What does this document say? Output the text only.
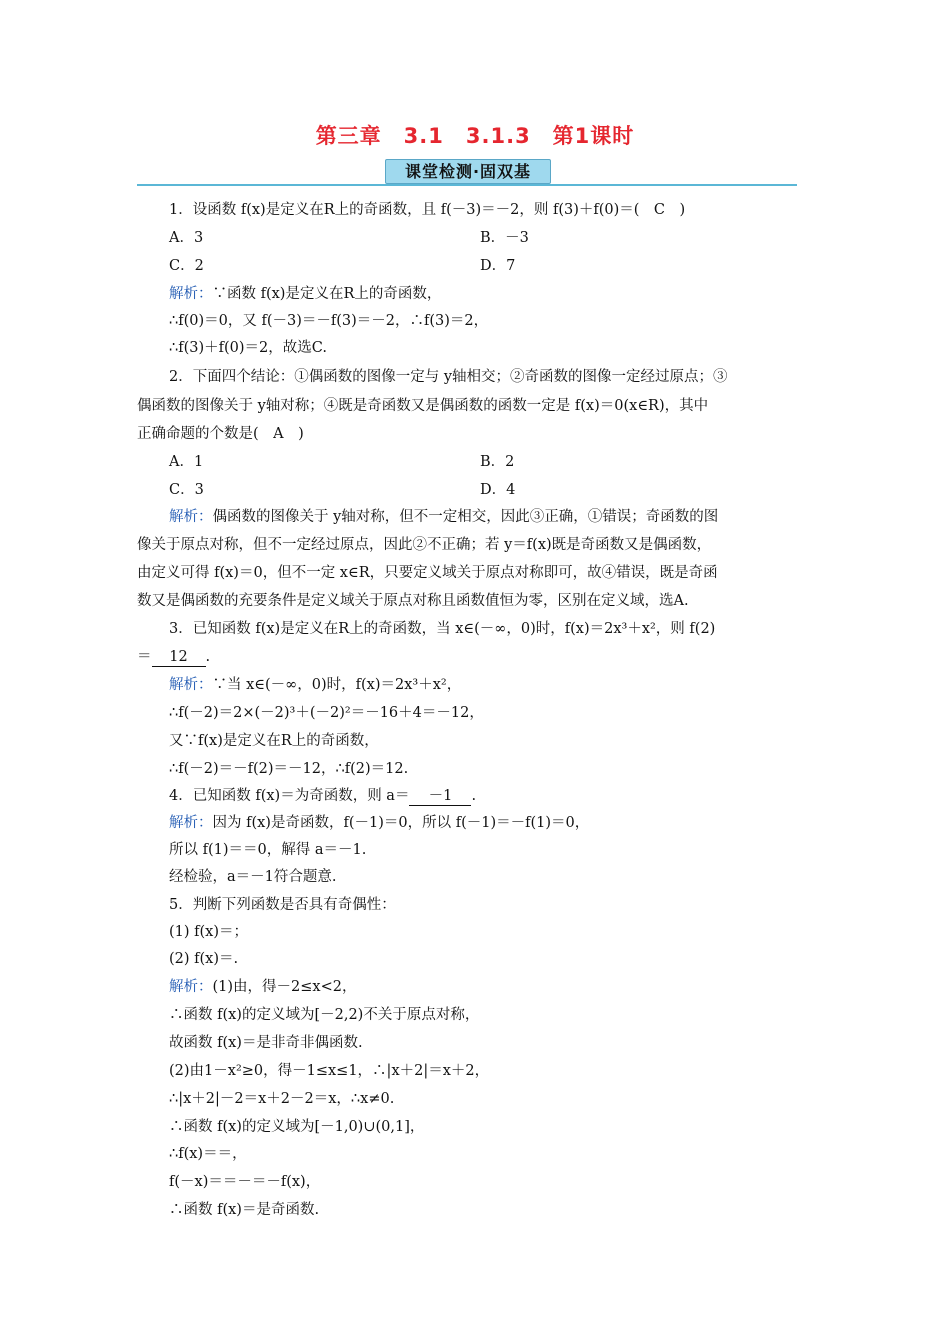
第三章　3.1　3.1.3　第1课时
课堂检测·固双基
1．设函数 f(x)是定义在R上的奇函数，且 f(－3)＝－2，则 f(3)＋f(0)＝(　C　)
A．3	B．－3
C．2	D．7
解析：∵函数 f(x)是定义在R上的奇函数，
∴f(0)＝0，又 f(－3)＝－f(3)＝－2，∴f(3)＝2，
∴f(3)＋f(0)＝2，故选C.
2．下面四个结论：①偶函数的图像一定与 y轴相交；②奇函数的图像一定经过原点；③
偶函数的图像关于 y轴对称；④既是奇函数又是偶函数的函数一定是 f(x)＝0(x∈R)，其中
正确命题的个数是(　A　)
A．1	B．2
C．3	D．4
解析：偶函数的图像关于 y轴对称，但不一定相交，因此③正确，①错误；奇函数的图
像关于原点对称，但不一定经过原点，因此②不正确；若 y＝f(x)既是奇函数又是偶函数，
由定义可得 f(x)＝0，但不一定 x∈R，只要定义域关于原点对称即可，故④错误，既是奇函
数又是偶函数的充要条件是定义域关于原点对称且函数值恒为零，区别在定义域，选A.
3．已知函数 f(x)是定义在R上的奇函数，当 x∈(－∞，0)时，f(x)＝2x³＋x²，则 f(2)
＝ 12 .
解析：∵当 x∈(－∞，0)时，f(x)＝2x³＋x²，
∴f(－2)＝2×(－2)³＋(－2)²＝－16＋4＝－12，
又∵f(x)是定义在R上的奇函数，
∴f(－2)＝－f(2)＝－12，∴f(2)＝12.
4．已知函数 f(x)＝为奇函数，则 a＝ －1 .
解析：因为 f(x)是奇函数，f(－1)＝0，所以 f(－1)＝－f(1)＝0，
所以 f(1)＝＝0，解得 a＝－1.
经检验，a＝－1符合题意.
5．判断下列函数是否具有奇偶性：
(1) f(x)＝；
(2) f(x)＝.
解析：(1)由，得－2≤x<2，
∴函数 f(x)的定义域为[－2,2)不关于原点对称，
故函数 f(x)＝是非奇非偶函数.
(2)由1－x²≥0，得－1≤x≤1，∴|x＋2|＝x＋2，
∴|x＋2|－2＝x＋2－2＝x，∴x≠0.
∴函数 f(x)的定义域为[－1,0)∪(0,1]，
∴f(x)＝＝，
f(－x)＝＝－＝－f(x)，
∴函数 f(x)＝是奇函数.
